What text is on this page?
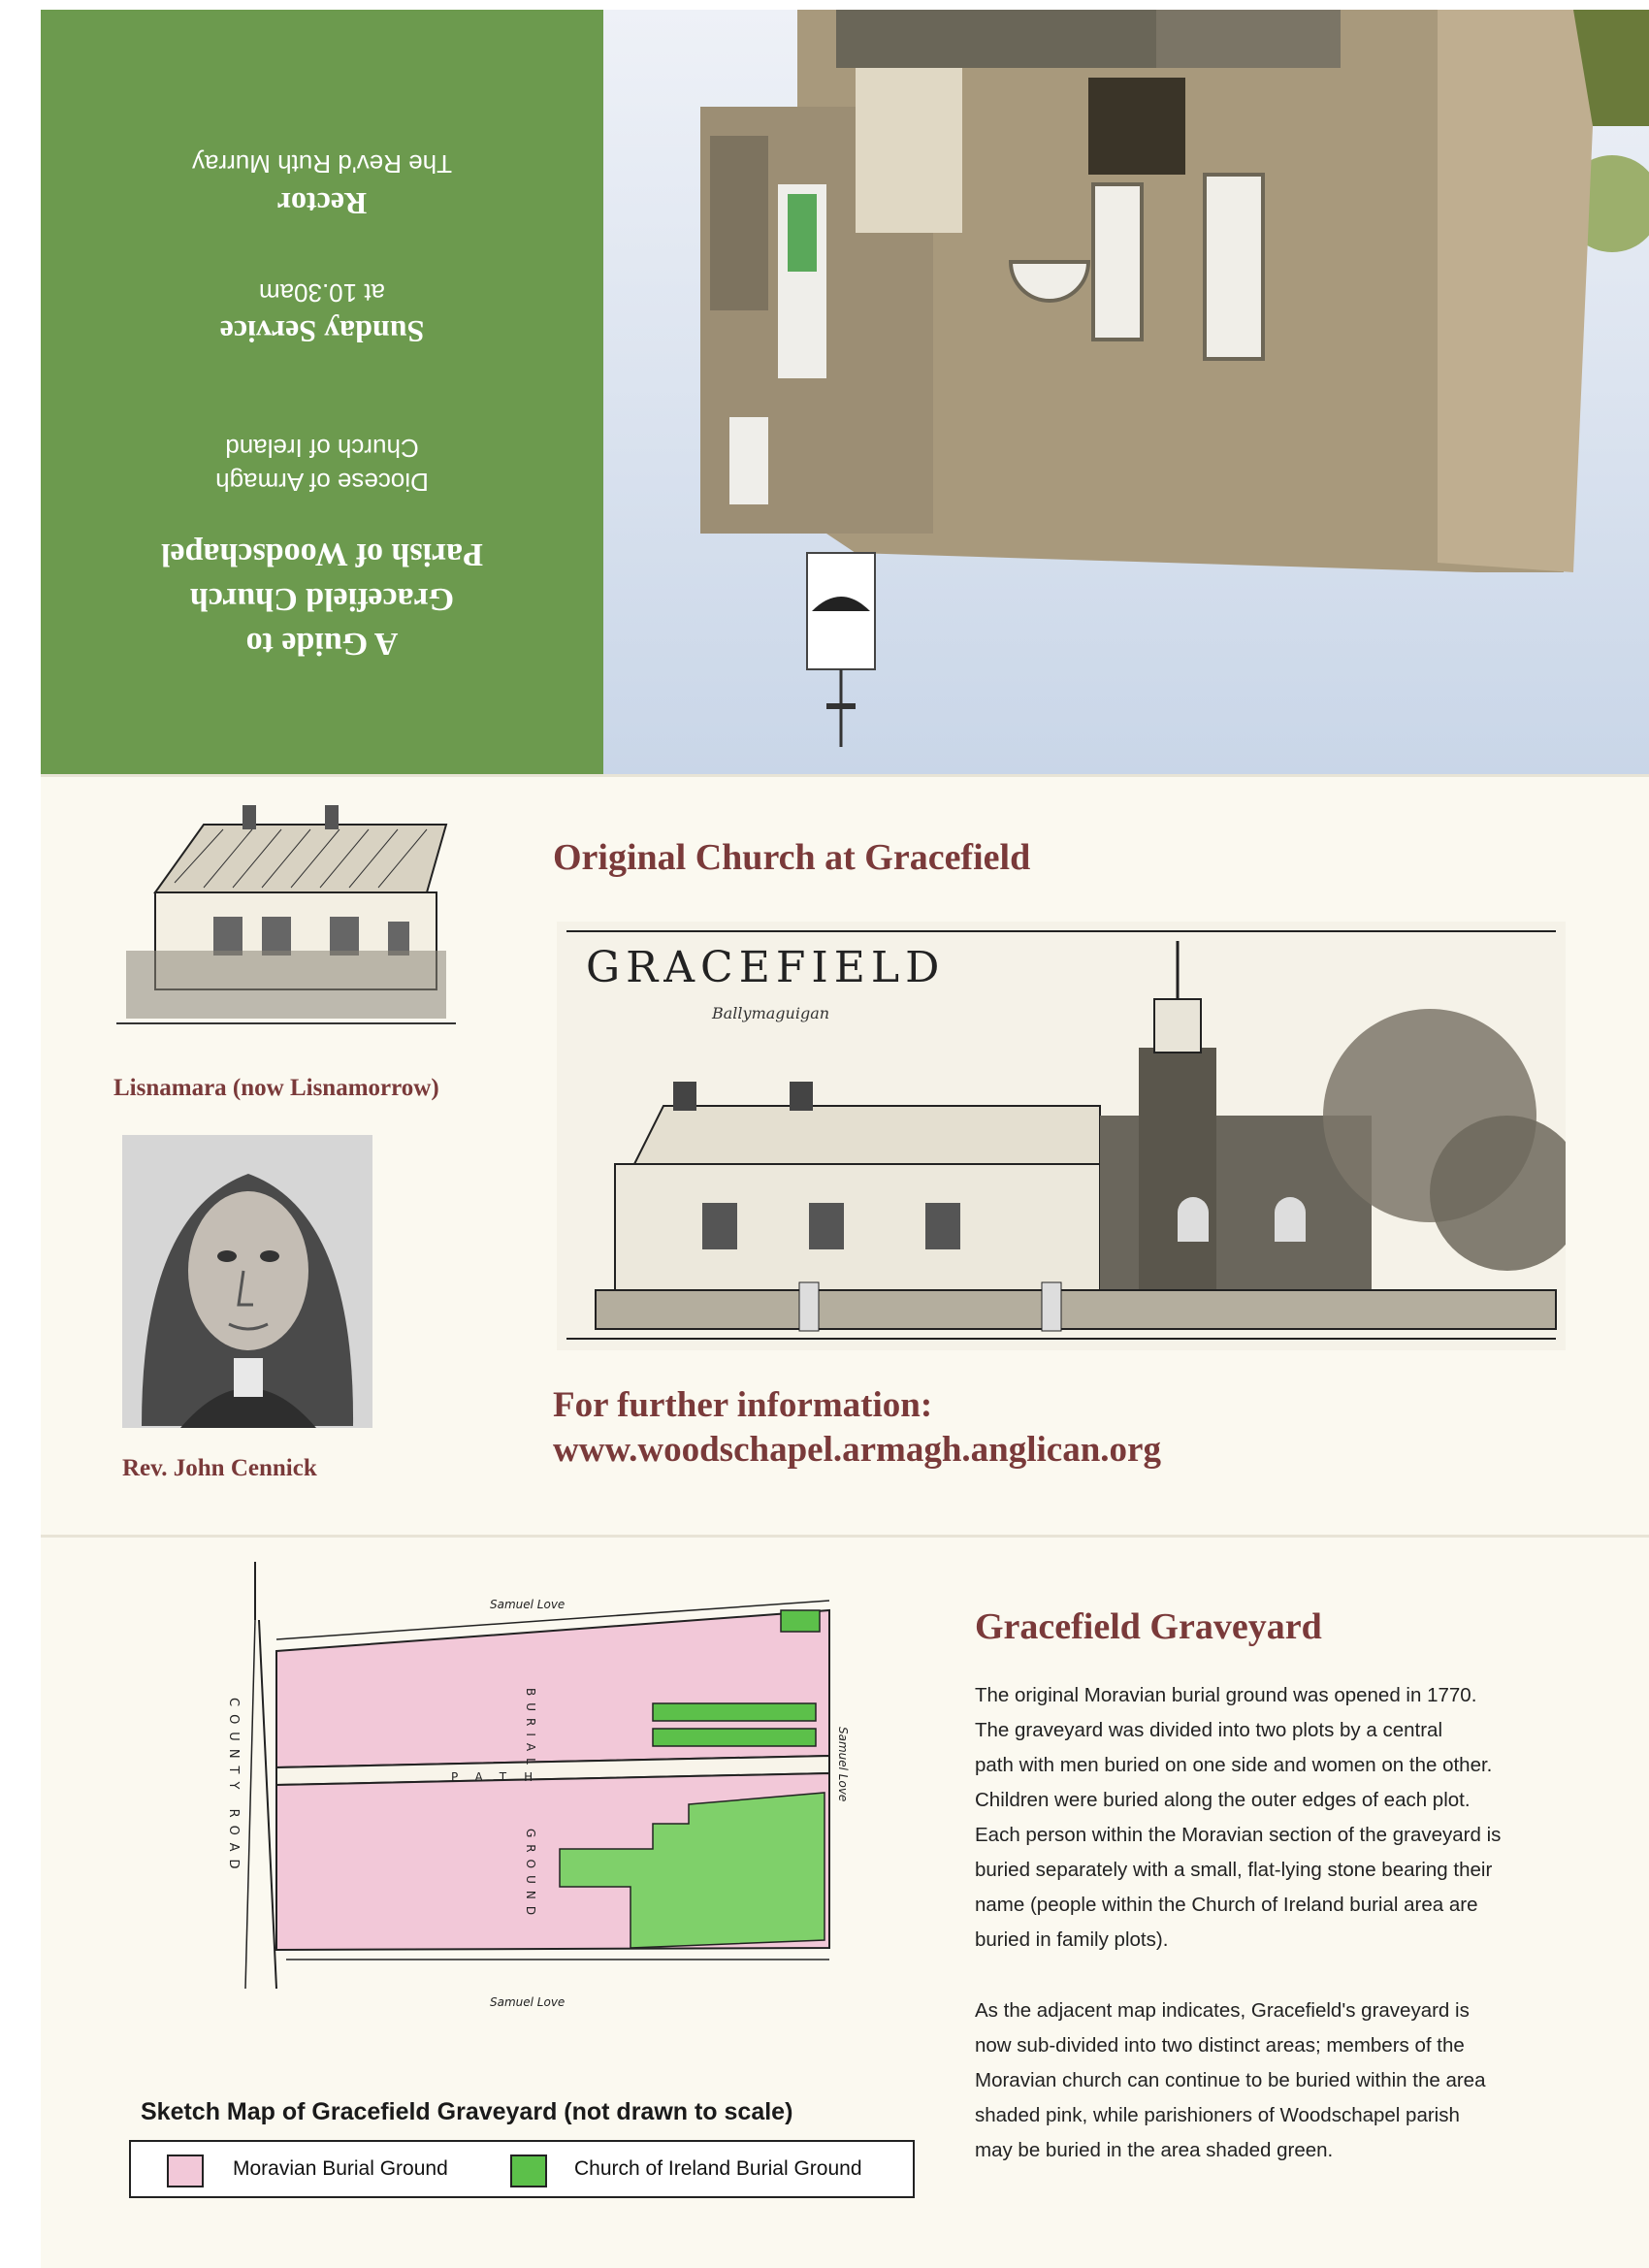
A Guide to
Gracefield Church
Parish of Woodschapel
Diocese of Armagh
Church of Ireland
Sunday Service
at 10.30am
Rector
The Rev'd Ruth Murray
Lisnamara (now Lisnamorrow)
Rev. John Cennick
Original Church at Gracefield
GRACEFIELD
Ballymaguigan
For further information:
www.woodschapel.armagh.anglican.org
Samuel Love
Samuel Love
Samuel Love
COUNTY ROAD	BURIAL
GROUND
PATH
Sketch Map of Gracefield Graveyard (not drawn to scale)
Moravian Burial Ground	Church of Ireland Burial Ground
Gracefield Graveyard
The original Moravian burial ground was opened in 1770.
The graveyard was divided into two plots by a central
path with men buried on one side and women on the other.
Children were buried along the outer edges of each plot.
Each person within the Moravian section of the graveyard is
buried separately with a small, flat-lying stone bearing their
name (people within the Church of Ireland burial area are
buried in family plots).
As the adjacent map indicates, Gracefield's graveyard is
now sub-divided into two distinct areas; members of the
Moravian church can continue to be buried within the area
shaded pink, while parishioners of Woodschapel parish
may be buried in the area shaded green.
